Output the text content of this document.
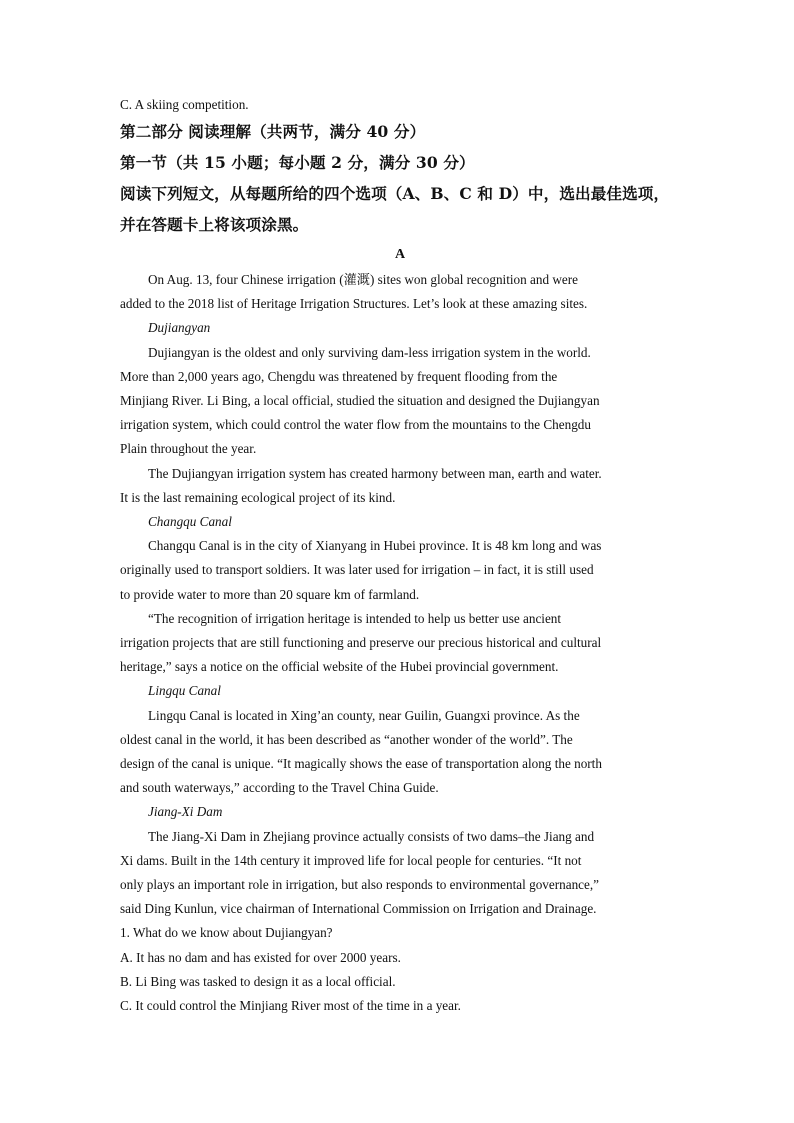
C. A skiing competition.
第二部分 阅读理解（共两节，满分 40 分）
第一节（共 15 小题；每小题 2 分，满分 30 分）
阅读下列短文，从每题所给的四个选项（A、B、C 和 D）中，选出最佳选项，
并在答题卡上将该项涂黑。
A
On Aug. 13, four Chinese irrigation (灌溉) sites won global recognition and were
added to the 2018 list of Heritage Irrigation Structures. Let’s look at these amazing sites.
Dujiangyan
Dujiangyan is the oldest and only surviving dam-less irrigation system in the world.
More than 2,000 years ago, Chengdu was threatened by frequent flooding from the
Minjiang River. Li Bing, a local official, studied the situation and designed the Dujiangyan
irrigation system, which could control the water flow from the mountains to the Chengdu
Plain throughout the year.
The Dujiangyan irrigation system has created harmony between man, earth and water.
It is the last remaining ecological project of its kind.
Changqu Canal
Changqu Canal is in the city of Xianyang in Hubei province. It is 48 km long and was
originally used to transport soldiers. It was later used for irrigation – in fact, it is still used
to provide water to more than 20 square km of farmland.
“The recognition of irrigation heritage is intended to help us better use ancient
irrigation projects that are still functioning and preserve our precious historical and cultural
heritage,” says a notice on the official website of the Hubei provincial government.
Lingqu Canal
Lingqu Canal is located in Xing’an county, near Guilin, Guangxi province. As the
oldest canal in the world, it has been described as “another wonder of the world”. The
design of the canal is unique. “It magically shows the ease of transportation along the north
and south waterways,” according to the Travel China Guide.
Jiang-Xi Dam
The Jiang-Xi Dam in Zhejiang province actually consists of two dams–the Jiang and
Xi dams. Built in the 14th century it improved life for local people for centuries. “It not
only plays an important role in irrigation, but also responds to environmental governance,”
said Ding Kunlun, vice chairman of International Commission on Irrigation and Drainage.
1. What do we know about Dujiangyan?
A. It has no dam and has existed for over 2000 years.
B. Li Bing was tasked to design it as a local official.
C. It could control the Minjiang River most of the time in a year.
